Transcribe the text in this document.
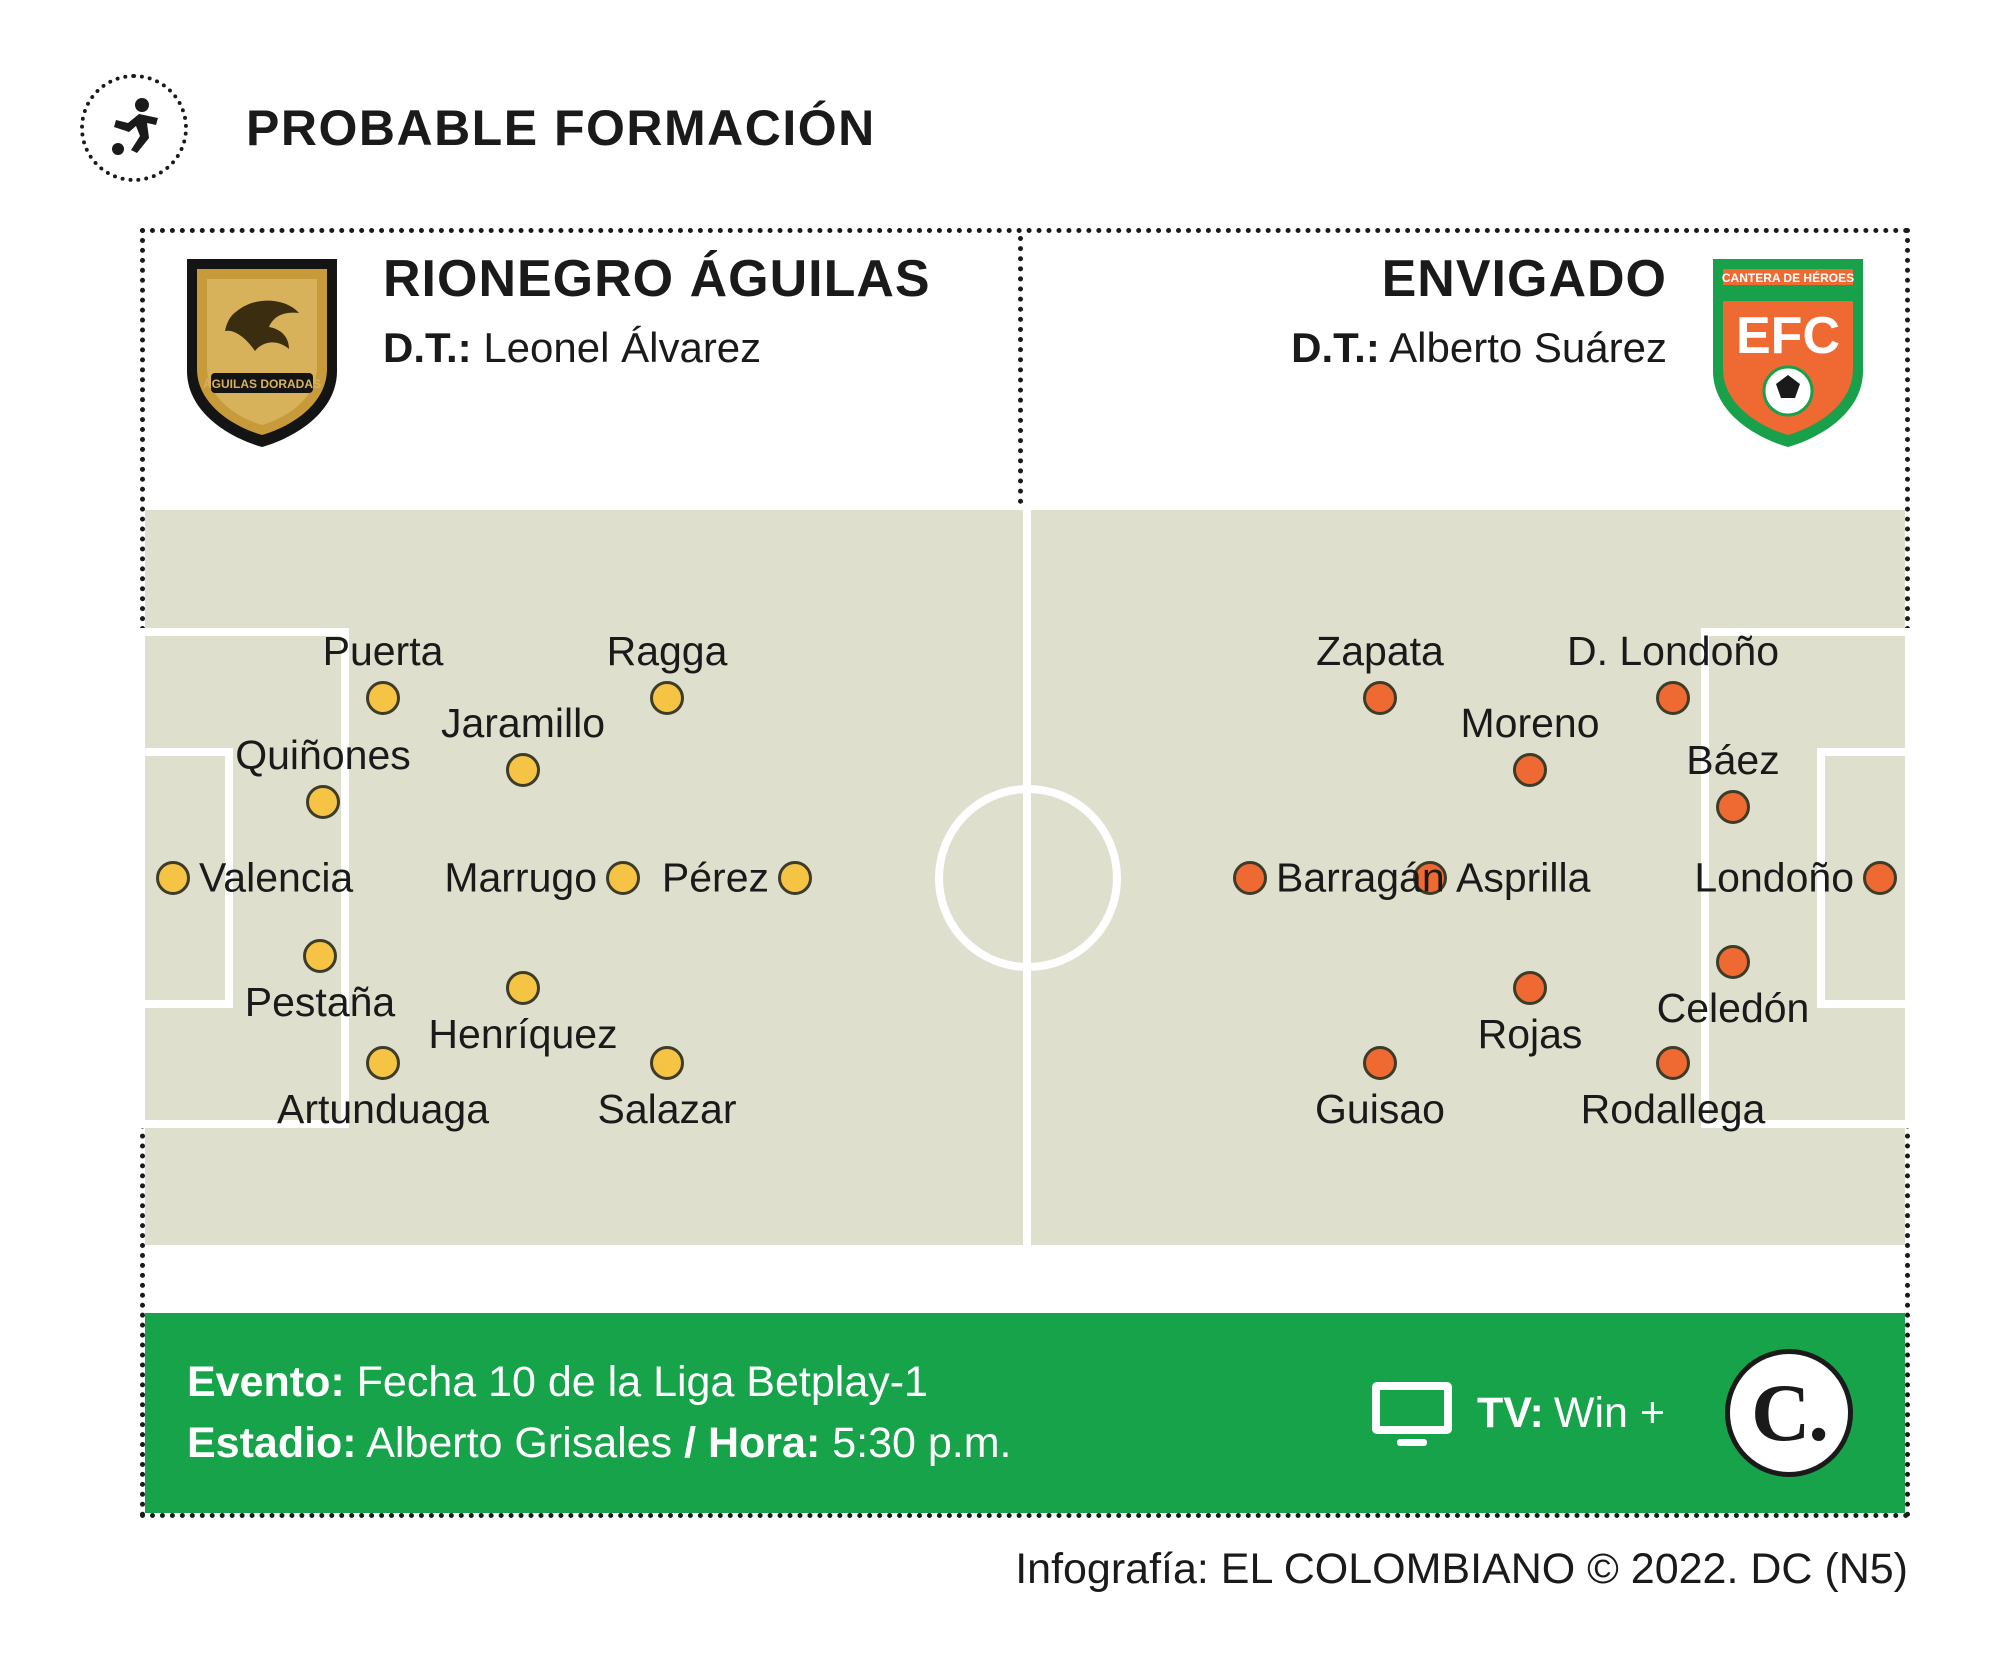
PROBABLE FORMACIÓN
ÁGUILAS DORADAS
RIONEGRO ÁGUILAS
D.T.: Leonel Álvarez
ENVIGADO
D.T.: Alberto Suárez
CANTERA DE HÉROES
EFC
Valencia
Quiñones
Pestaña
Puerta
Artunduaga
Jaramillo
Henríquez
Marrugo
Ragga
Salazar
Pérez	Londoño
Báez
Celedón
D. Londoño
Rodallega
Moreno
Rojas
Asprilla
Zapata
Guisao
Barragán
Evento: Fecha 10 de la Liga Betplay-1
Estadio: Alberto Grisales / Hora: 5:30 p.m.
TV: Win + C.
Infografía: EL COLOMBIANO © 2022. DC (N5)
